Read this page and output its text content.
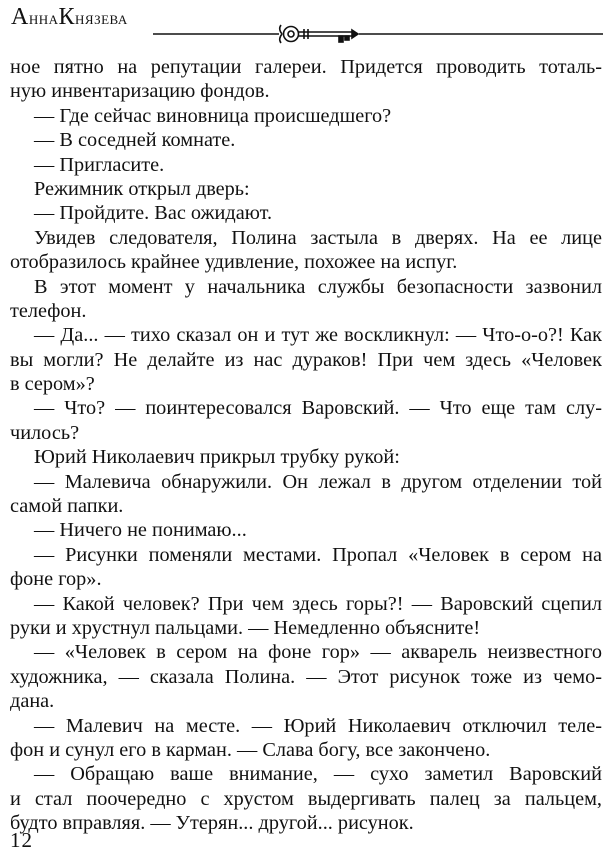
АннаКнязева
ное пятно на репутации галереи. Придется проводить тоталь-
ную инвентаризацию фондов.
— Где сейчас виновница происшедшего?
— В соседней комнате.
— Пригласите.
Режимник открыл дверь:
— Пройдите. Вас ожидают.
Увидев следователя, Полина застыла в дверях. На ее лице
отобразилось крайнее удивление, похожее на испуг.
В этот момент у начальника службы безопасности зазвонил
телефон.
— Да... — тихо сказал он и тут же воскликнул: — Что-о-о?! Как
вы могли? Не делайте из нас дураков! При чем здесь «Человек
в сером»?
— Что? — поинтересовался Варовский. — Что еще там слу-
чилось?
Юрий Николаевич прикрыл трубку рукой:
— Малевича обнаружили. Он лежал в другом отделении той
самой папки.
— Ничего не понимаю...
— Рисунки поменяли местами. Пропал «Человек в сером на
фоне гор».
— Какой человек? При чем здесь горы?! — Варовский сцепил
руки и хрустнул пальцами. — Немедленно объясните!
— «Человек в сером на фоне гор» — акварель неизвестного
художника, — сказала Полина. — Этот рисунок тоже из чемо-
дана.
— Малевич на месте. — Юрий Николаевич отключил теле-
фон и сунул его в карман. — Слава богу, все закончено.
— Обращаю ваше внимание, — сухо заметил Варовский
и стал поочередно с хрустом выдергивать палец за пальцем,
будто вправляя. — Утерян... другой... рисунок.
12
